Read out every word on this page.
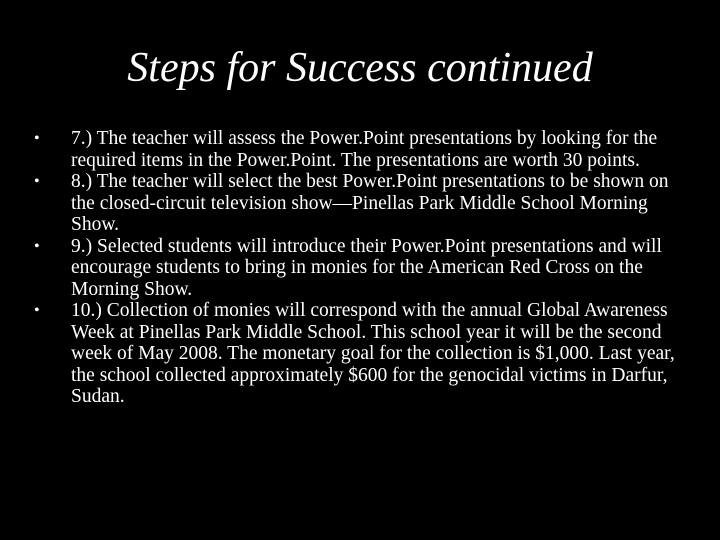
Steps for Success continued
• 7.) The teacher will assess the Power.Point presentations by looking for the required items in the Power.Point. The presentations are worth 30 points.
• 8.) The teacher will select the best Power.Point presentations to be shown on the closed-circuit television show—Pinellas Park Middle School Morning Show.
• 9.) Selected students will introduce their Power.Point presentations and will encourage students to bring in monies for the American Red Cross on the Morning Show.
• 10.) Collection of monies will correspond with the annual Global Awareness Week at Pinellas Park Middle School. This school year it will be the second week of May 2008. The monetary goal for the collection is $1,000. Last year, the school collected approximately $600 for the genocidal victims in Darfur, Sudan.
